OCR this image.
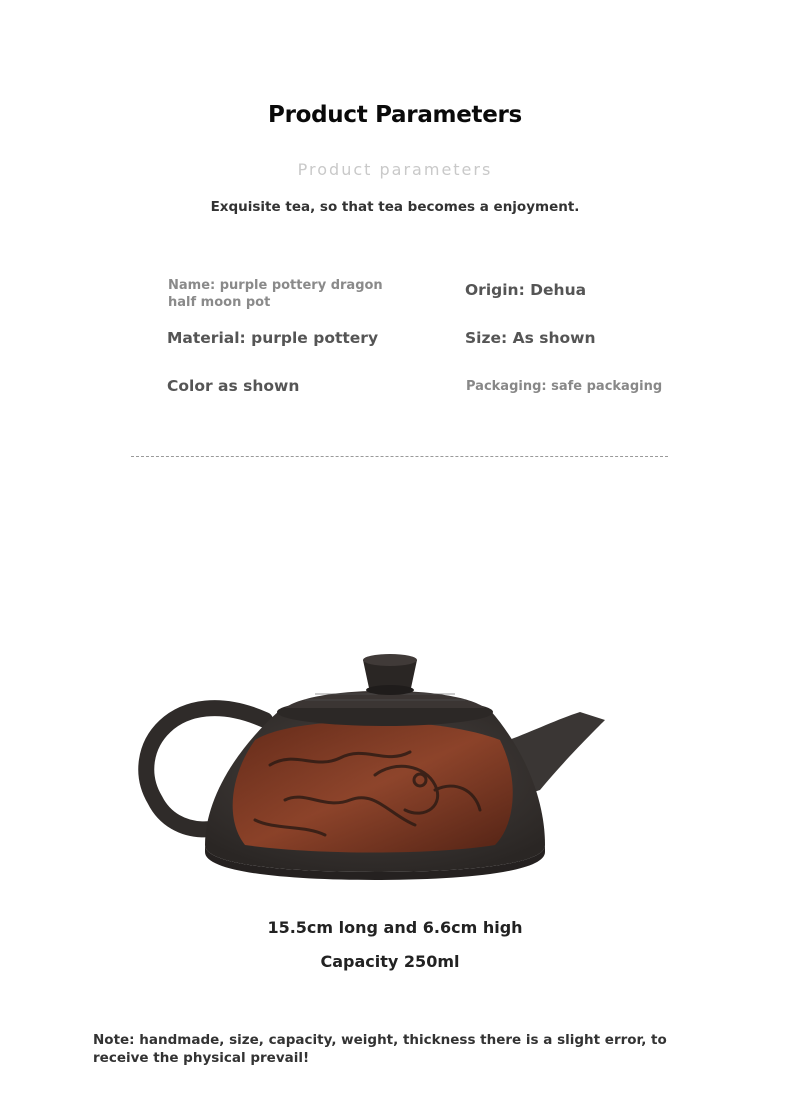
Product Parameters
Product parameters
Exquisite tea, so that tea becomes a enjoyment.
Name: purple pottery dragon half moon pot
Origin: Dehua
Material: purple pottery	Size: As shown
Color as shown	Packaging: safe packaging
15.5cm long and 6.6cm high
Capacity 250ml
Note: handmade, size, capacity, weight, thickness there is a slight error, to receive the physical prevail!
